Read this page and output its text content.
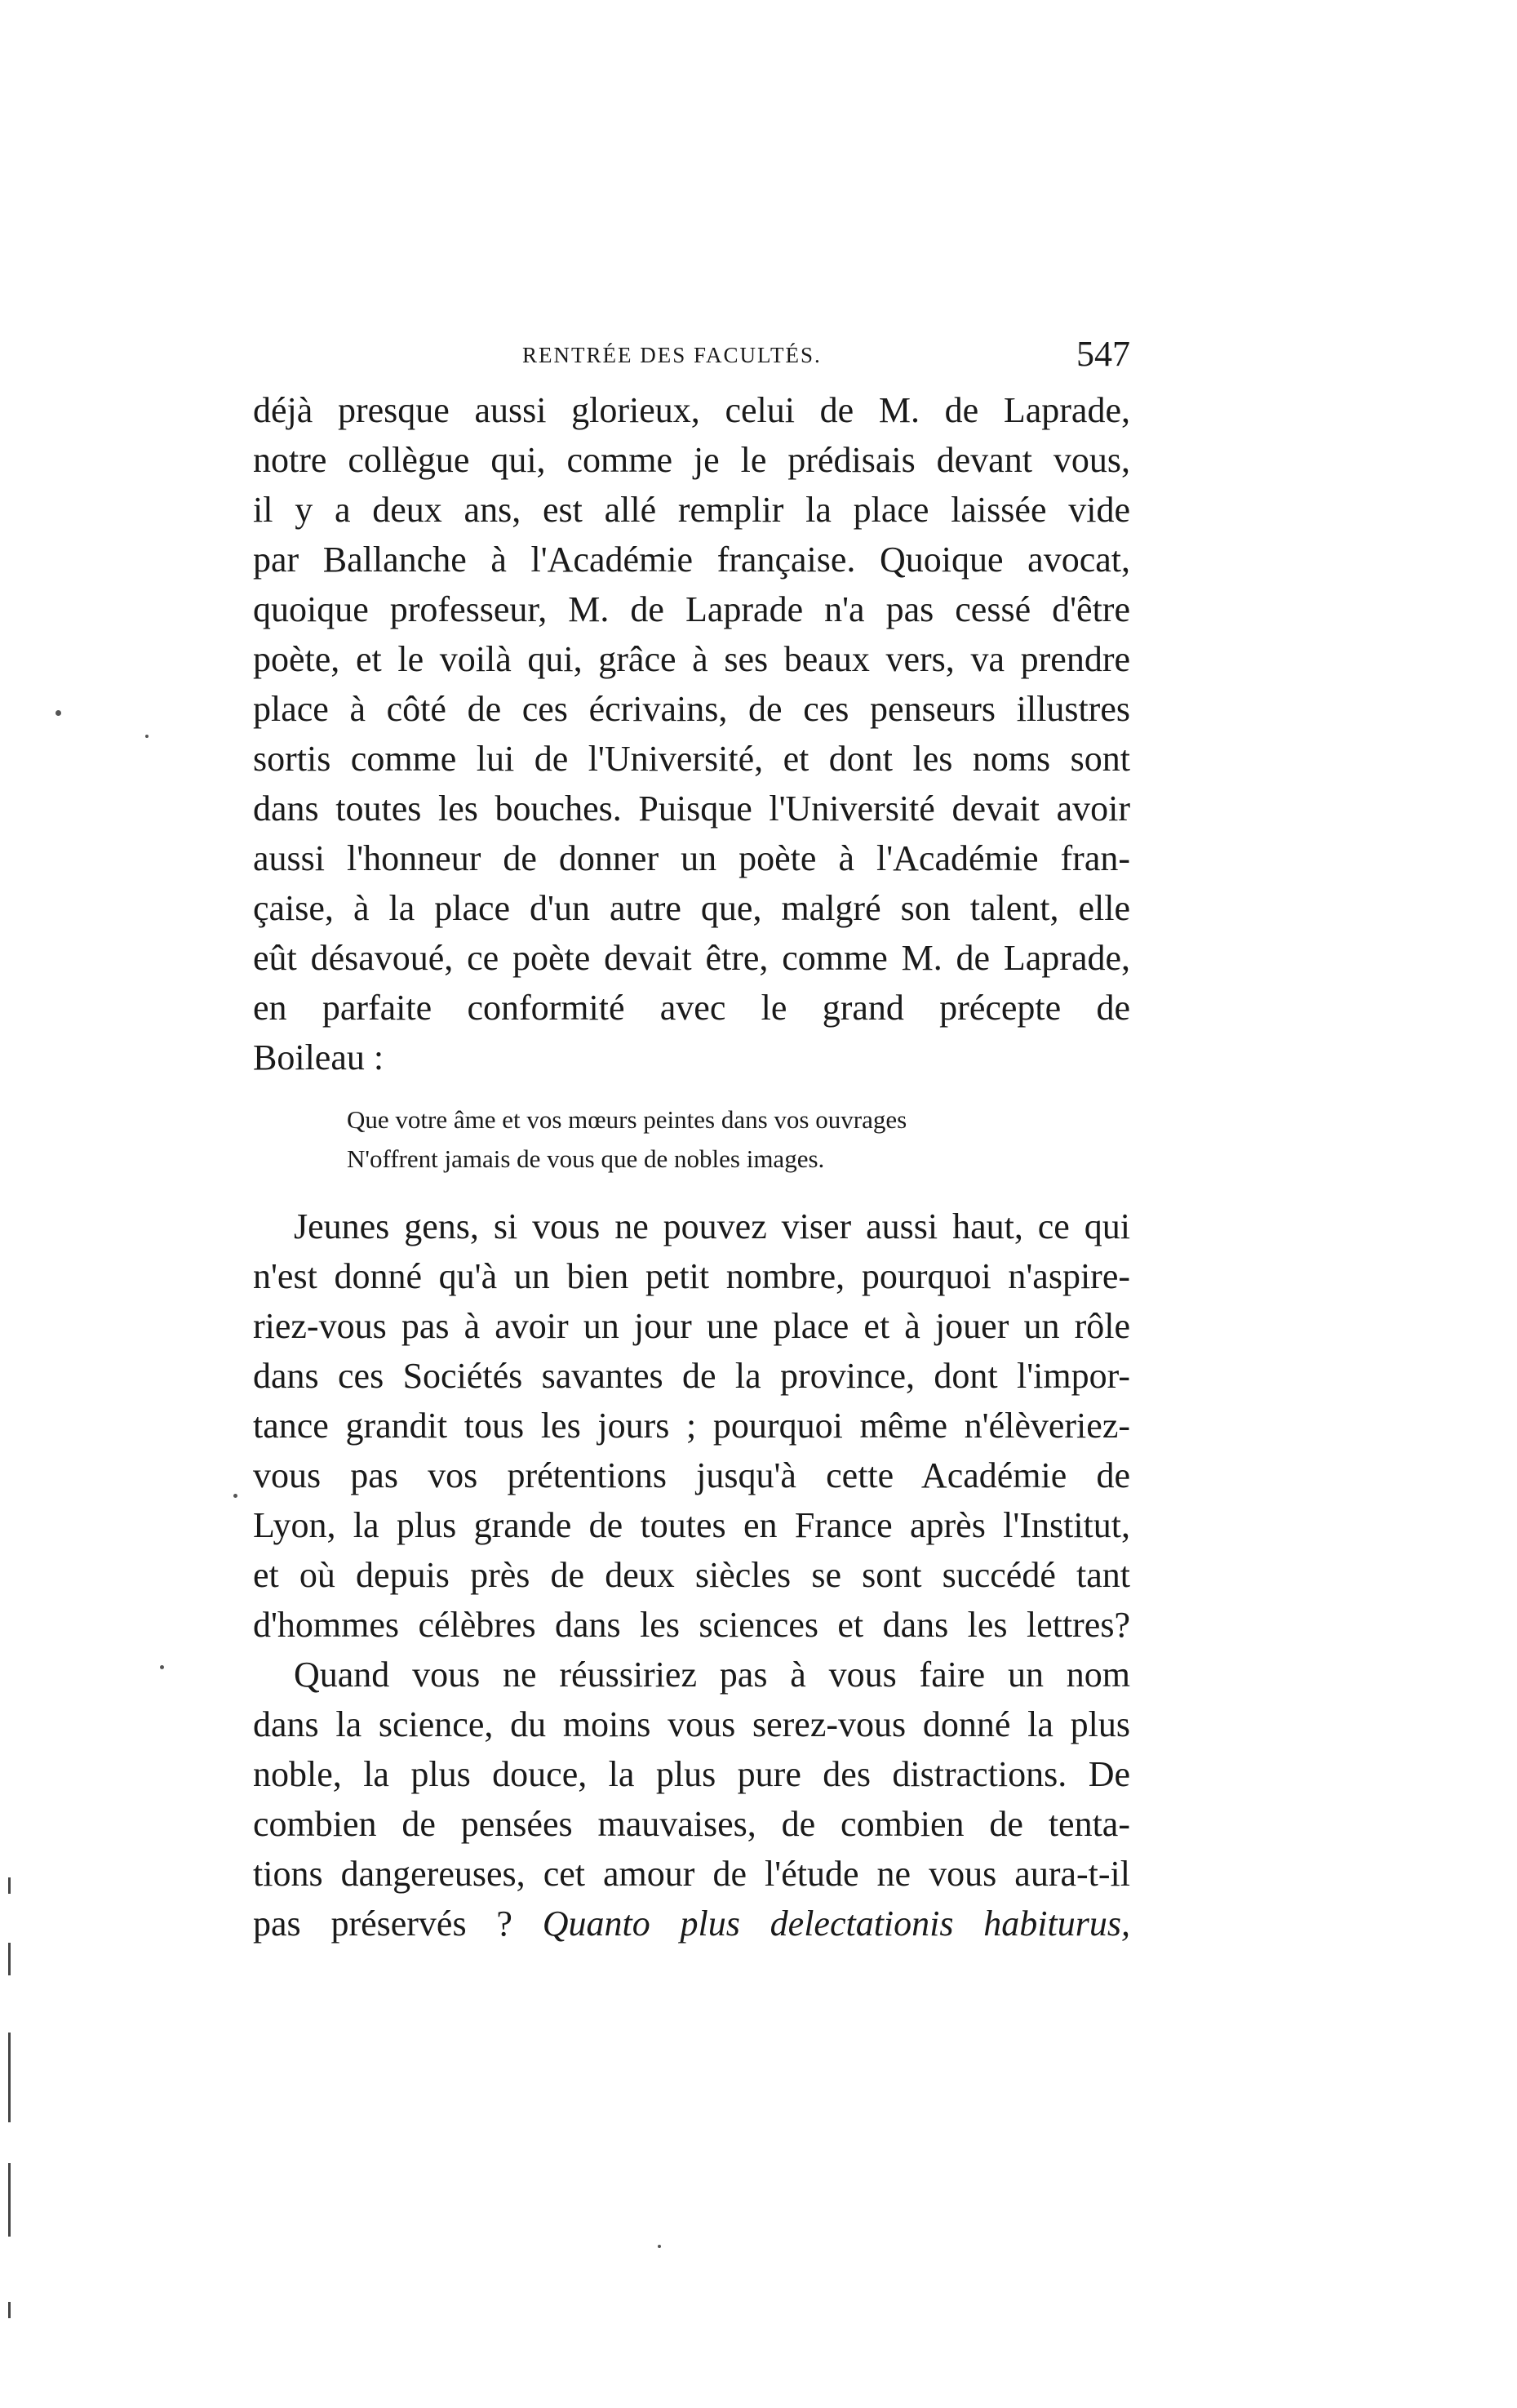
RENTRÉE DES FACULTÉS.	547
déjà presque aussi glorieux, celui de M. de Laprade,
notre collègue qui, comme je le prédisais devant vous,
il y a deux ans, est allé remplir la place laissée vide
par Ballanche à l'Académie française. Quoique avocat,
quoique professeur, M. de Laprade n'a pas cessé d'être
poète, et le voilà qui, grâce à ses beaux vers, va prendre
place à côté de ces écrivains, de ces penseurs illustres
sortis comme lui de l'Université, et dont les noms sont
dans toutes les bouches. Puisque l'Université devait avoir
aussi l'honneur de donner un poète à l'Académie fran-
çaise, à la place d'un autre que, malgré son talent, elle
eût désavoué, ce poète devait être, comme M. de Laprade,
en parfaite conformité avec le grand précepte de
Boileau :
Que votre âme et vos mœurs peintes dans vos ouvrages
N'offrent jamais de vous que de nobles images.
Jeunes gens, si vous ne pouvez viser aussi haut, ce qui
n'est donné qu'à un bien petit nombre, pourquoi n'aspire-
riez-vous pas à avoir un jour une place et à jouer un rôle
dans ces Sociétés savantes de la province, dont l'impor-
tance grandit tous les jours ; pourquoi même n'élèveriez-
vous pas vos prétentions jusqu'à cette Académie de
Lyon, la plus grande de toutes en France après l'Institut,
et où depuis près de deux siècles se sont succédé tant
d'hommes célèbres dans les sciences et dans les lettres?
Quand vous ne réussiriez pas à vous faire un nom
dans la science, du moins vous serez-vous donné la plus
noble, la plus douce, la plus pure des distractions. De
combien de pensées mauvaises, de combien de tenta-
tions dangereuses, cet amour de l'étude ne vous aura-t-il
pas préservés ? Quanto plus delectationis habiturus,
